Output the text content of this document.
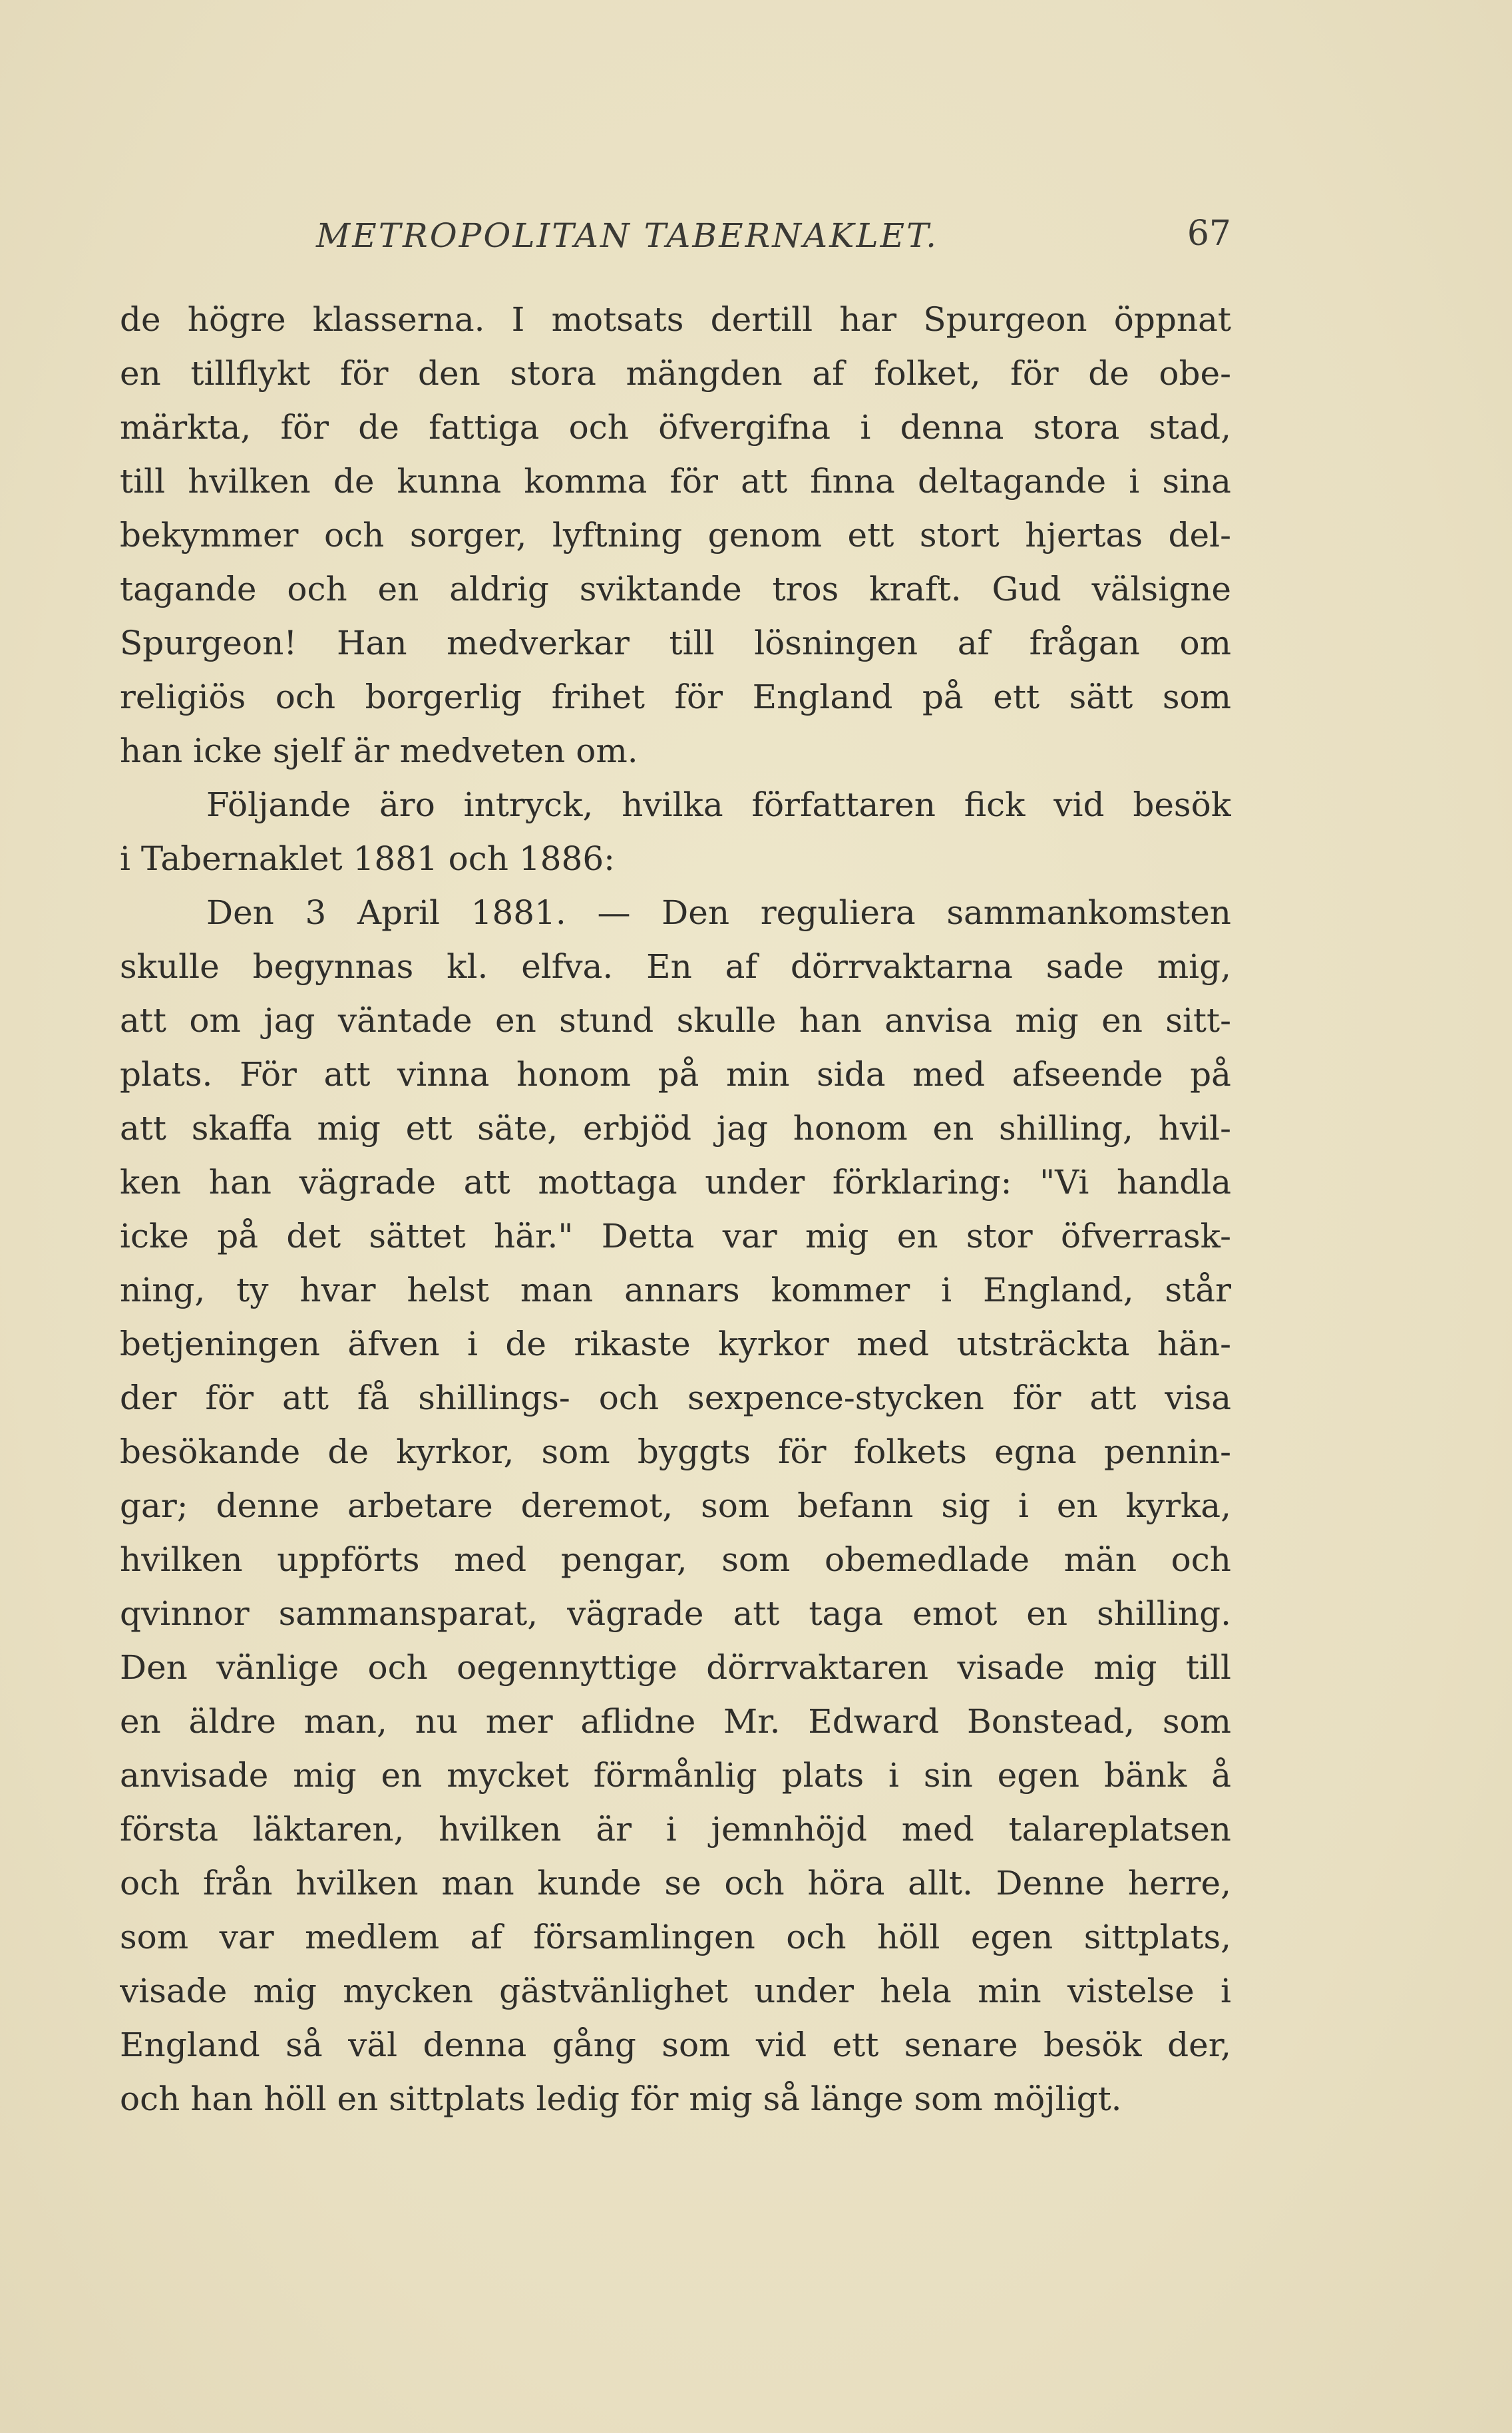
METROPOLITAN TABERNAKLET.	67
de högre klasserna. I motsats dertill har Spurgeon öppnat
en tillflykt för den stora mängden af folket, för de obe-
märkta, för de fattiga och öfvergifna i denna stora stad,
till hvilken de kunna komma för att finna deltagande i sina
bekymmer och sorger, lyftning genom ett stort hjertas del-
tagande och en aldrig sviktande tros kraft. Gud välsigne
Spurgeon! Han medverkar till lösningen af frågan om
religiös och borgerlig frihet för England på ett sätt som
han icke sjelf är medveten om.
Följande äro intryck, hvilka författaren fick vid besök
i Tabernaklet 1881 och 1886:
Den 3 April 1881. — Den reguliera sammankomsten
skulle begynnas kl. elfva. En af dörrvaktarna sade mig,
att om jag väntade en stund skulle han anvisa mig en sitt-
plats. För att vinna honom på min sida med afseende på
att skaffa mig ett säte, erbjöd jag honom en shilling, hvil-
ken han vägrade att mottaga under förklaring: "Vi handla
icke på det sättet här." Detta var mig en stor öfverrask-
ning, ty hvar helst man annars kommer i England, står
betjeningen äfven i de rikaste kyrkor med utsträckta hän-
der för att få shillings- och sexpence-stycken för att visa
besökande de kyrkor, som byggts för folkets egna pennin-
gar; denne arbetare deremot, som befann sig i en kyrka,
hvilken uppförts med pengar, som obemedlade män och
qvinnor sammansparat, vägrade att taga emot en shilling.
Den vänlige och oegennyttige dörrvaktaren visade mig till
en äldre man, nu mer aflidne Mr. Edward Bonstead, som
anvisade mig en mycket förmånlig plats i sin egen bänk å
första läktaren, hvilken är i jemnhöjd med talareplatsen
och från hvilken man kunde se och höra allt. Denne herre,
som var medlem af församlingen och höll egen sittplats,
visade mig mycken gästvänlighet under hela min vistelse i
England så väl denna gång som vid ett senare besök der,
och han höll en sittplats ledig för mig så länge som möjligt.
